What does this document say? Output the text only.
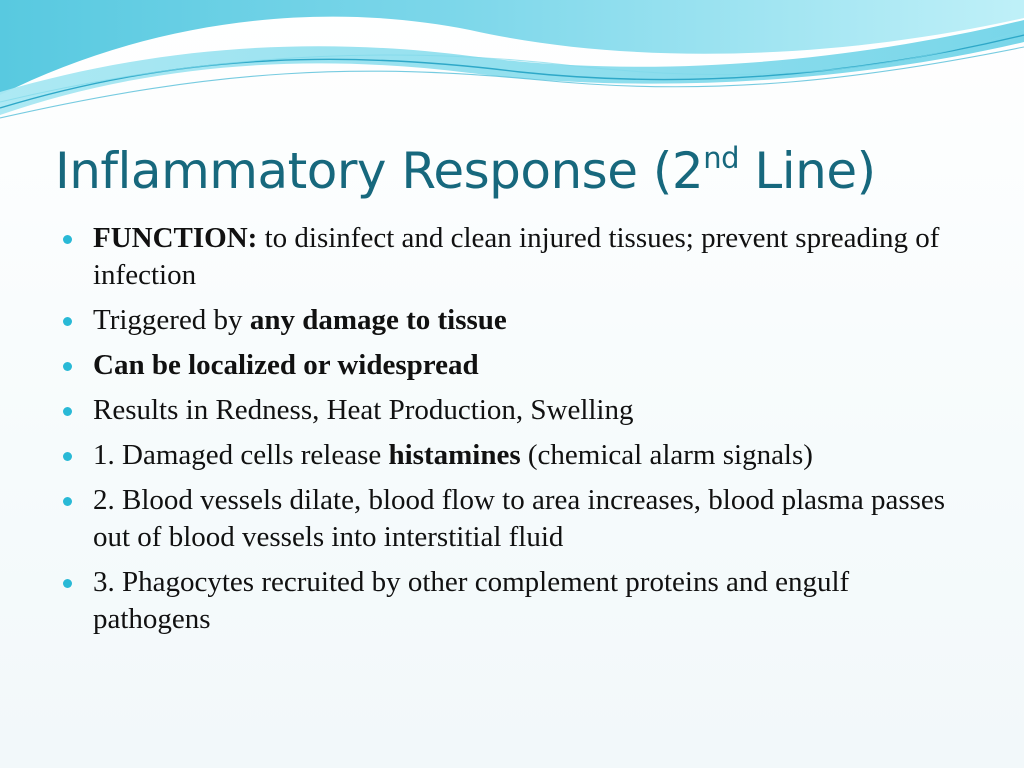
Inflammatory Response (2nd Line)
FUNCTION: to disinfect and clean injured tissues; prevent spreading of infection
Triggered by any damage to tissue
Can be localized or widespread
Results in Redness, Heat Production, Swelling
1. Damaged cells release histamines (chemical alarm signals)
2. Blood vessels dilate, blood flow to area increases, blood plasma passes out of blood vessels into interstitial fluid
3. Phagocytes recruited by other complement proteins and engulf pathogens
